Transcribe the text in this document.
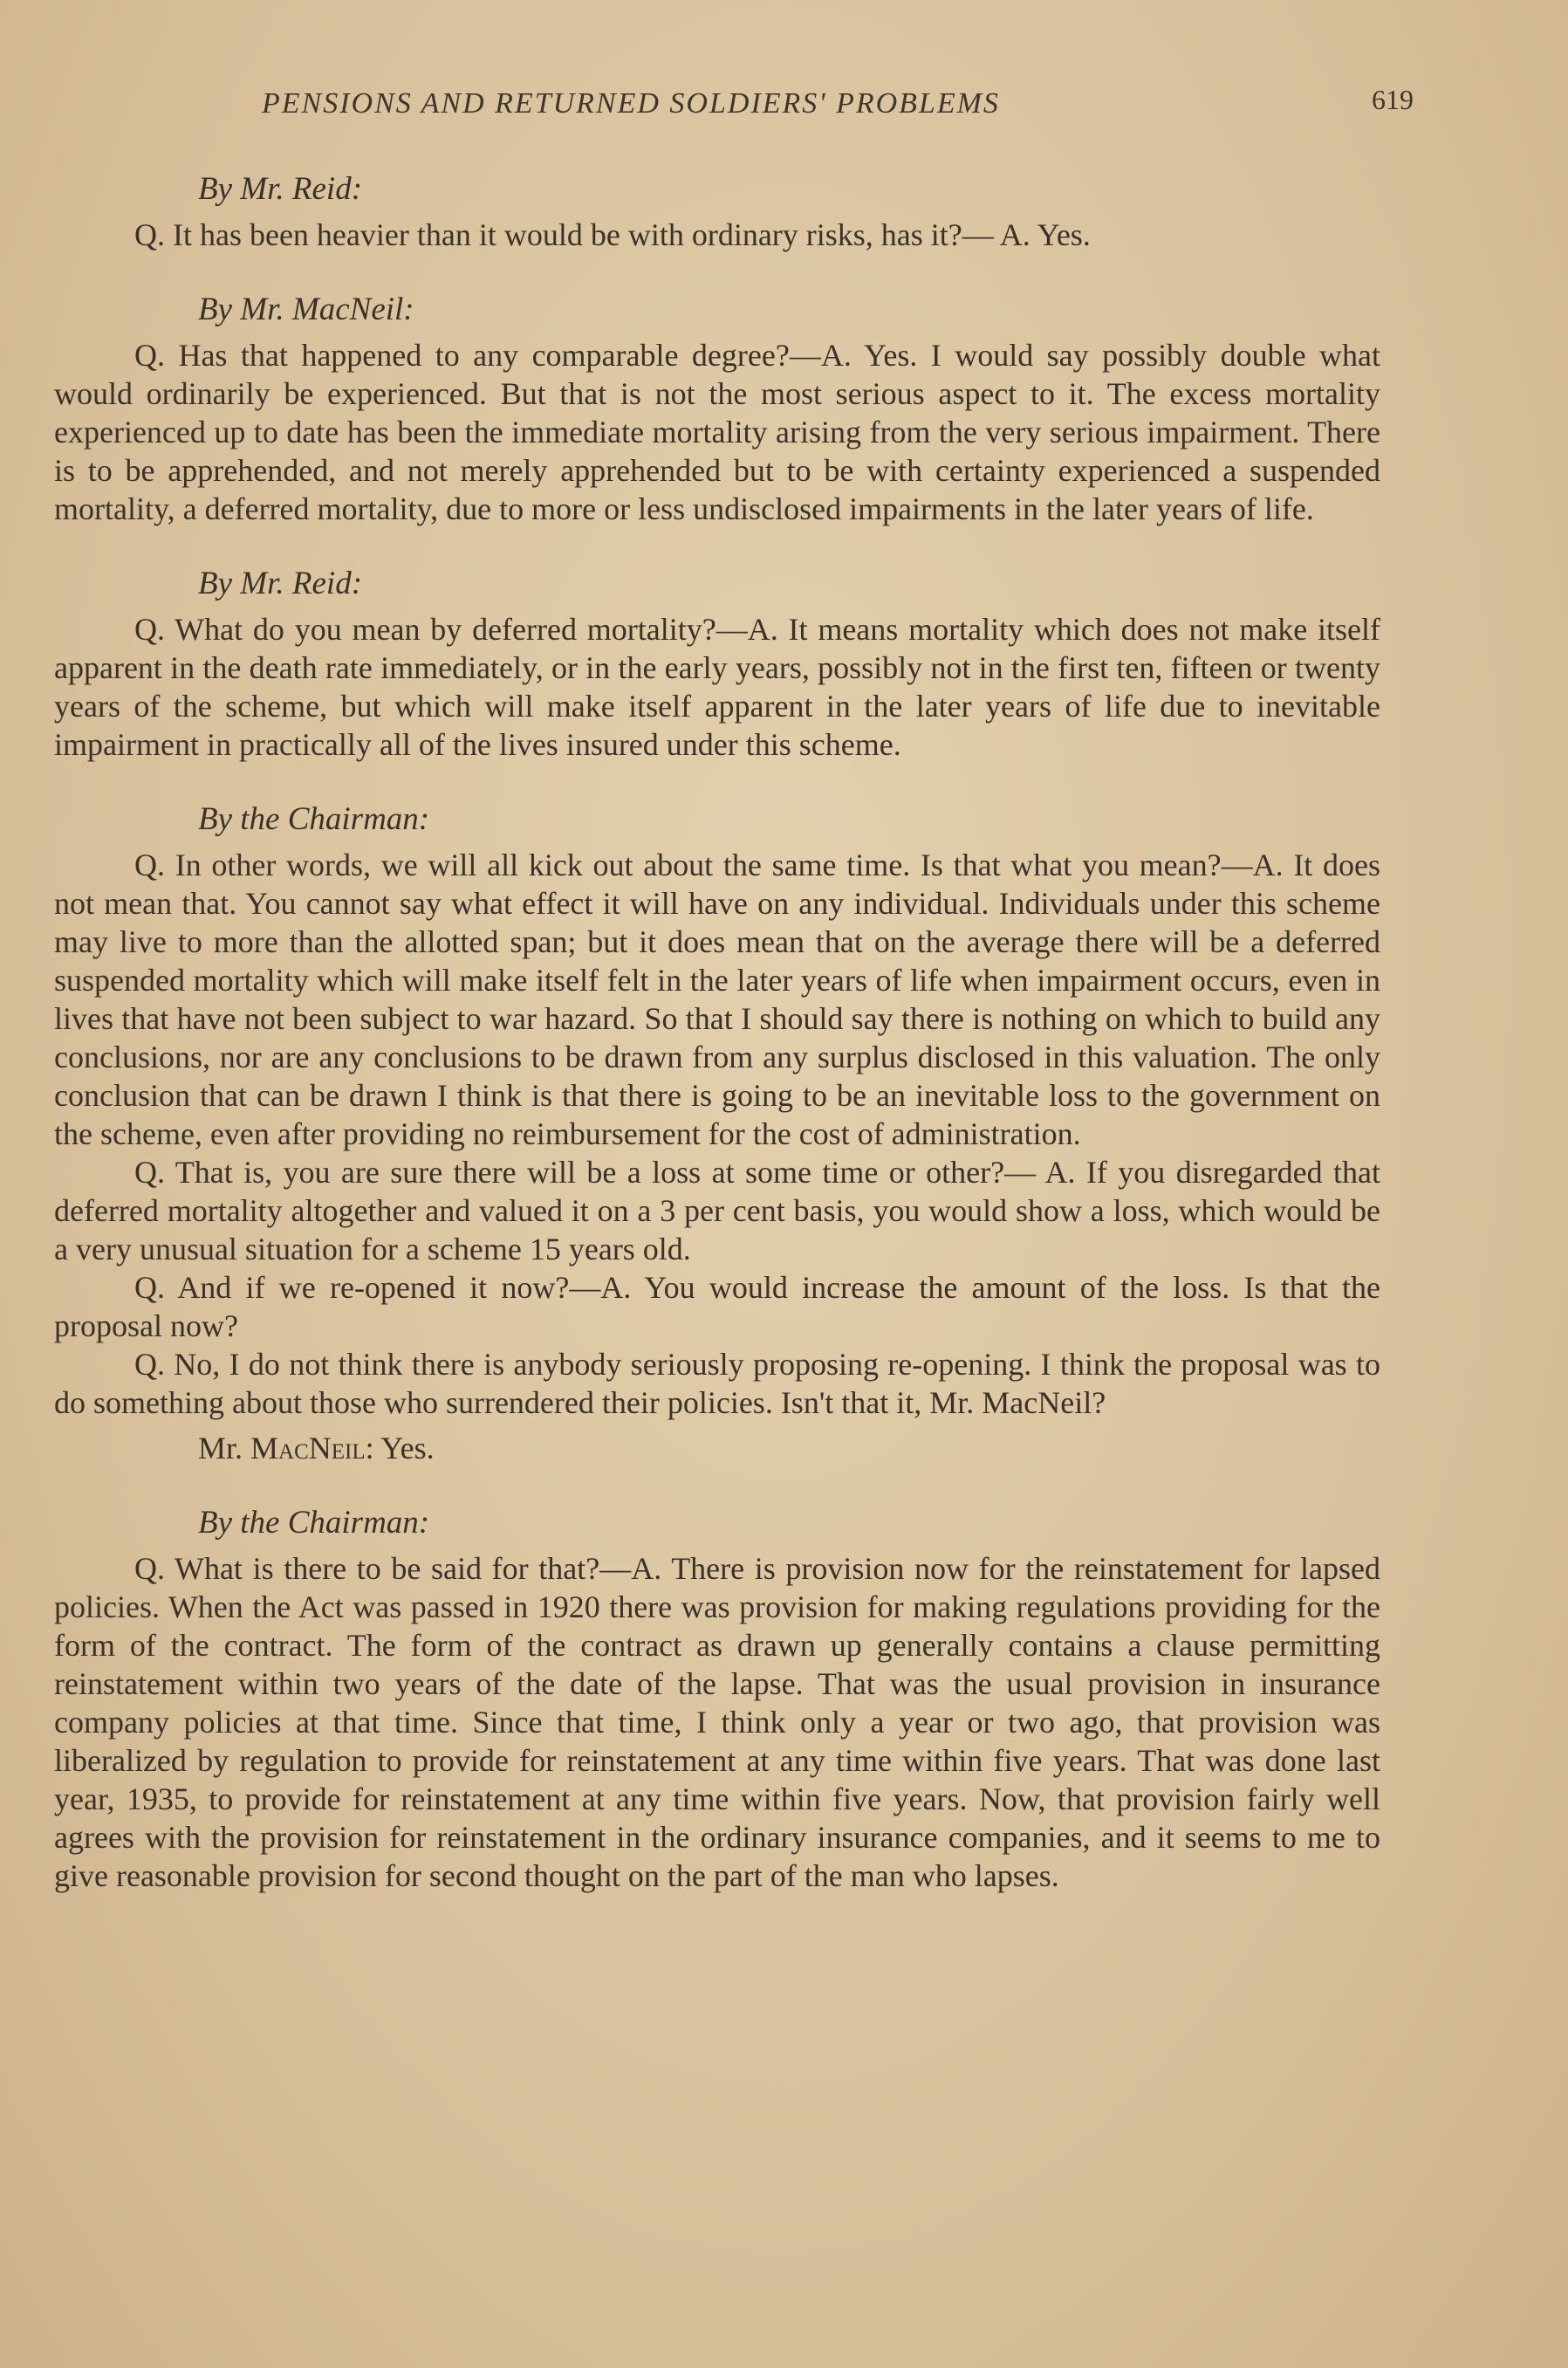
PENSIONS AND RETURNED SOLDIERS' PROBLEMS	619
By Mr. Reid:

Q. It has been heavier than it would be with ordinary risks, has it?— A. Yes.

By Mr. MacNeil:

Q. Has that happened to any comparable degree?—A. Yes. I would say possibly double what would ordinarily be experienced. But that is not the most serious aspect to it. The excess mortality experienced up to date has been the immediate mortality arising from the very serious impairment. There is to be apprehended, and not merely apprehended but to be with certainty experienced a suspended mortality, a deferred mortality, due to more or less undisclosed impairments in the later years of life.

By Mr. Reid:

Q. What do you mean by deferred mortality?—A. It means mortality which does not make itself apparent in the death rate immediately, or in the early years, possibly not in the first ten, fifteen or twenty years of the scheme, but which will make itself apparent in the later years of life due to inevitable impairment in practically all of the lives insured under this scheme.

By the Chairman:

Q. In other words, we will all kick out about the same time. Is that what you mean?—A. It does not mean that. You cannot say what effect it will have on any individual. Individuals under this scheme may live to more than the allotted span; but it does mean that on the average there will be a deferred suspended mortality which will make itself felt in the later years of life when impairment occurs, even in lives that have not been subject to war hazard. So that I should say there is nothing on which to build any conclusions, nor are any conclusions to be drawn from any surplus disclosed in this valuation. The only conclusion that can be drawn I think is that there is going to be an inevitable loss to the government on the scheme, even after providing no reimbursement for the cost of administration.

Q. That is, you are sure there will be a loss at some time or other?— A. If you disregarded that deferred mortality altogether and valued it on a 3 per cent basis, you would show a loss, which would be a very unusual situation for a scheme 15 years old.

Q. And if we re-opened it now?—A. You would increase the amount of the loss. Is that the proposal now?

Q. No, I do not think there is anybody seriously proposing re-opening. I think the proposal was to do something about those who surrendered their policies. Isn't that it, Mr. MacNeil?

Mr. MacNeil: Yes.

By the Chairman:

Q. What is there to be said for that?—A. There is provision now for the reinstatement for lapsed policies. When the Act was passed in 1920 there was provision for making regulations providing for the form of the contract. The form of the contract as drawn up generally contains a clause permitting reinstatement within two years of the date of the lapse. That was the usual provision in insurance company policies at that time. Since that time, I think only a year or two ago, that provision was liberalized by regulation to provide for reinstatement at any time within five years. That was done last year, 1935, to provide for reinstatement at any time within five years. Now, that provision fairly well agrees with the provision for reinstatement in the ordinary insurance companies, and it seems to me to give reasonable provision for second thought on the part of the man who lapses.
